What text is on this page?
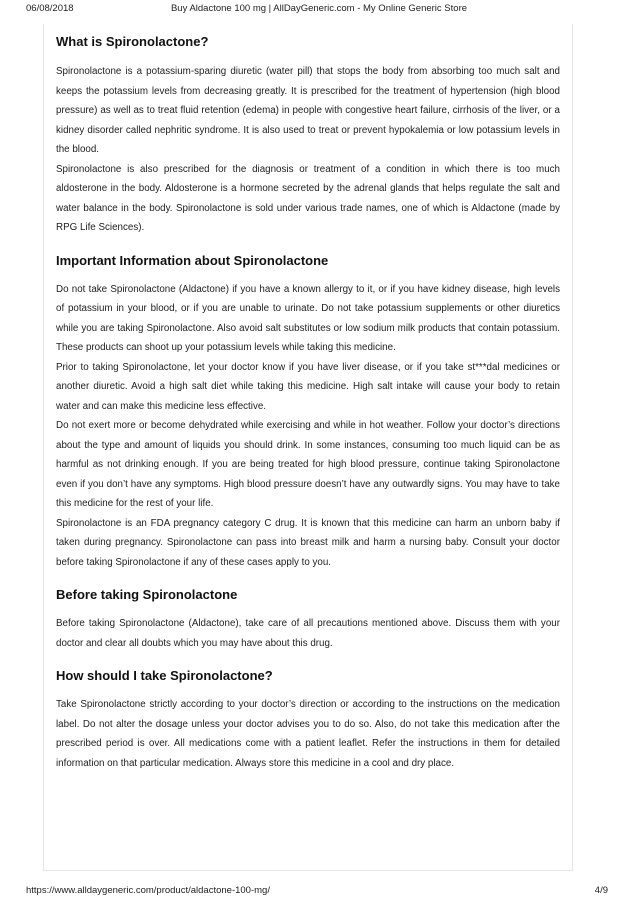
06/08/2018	Buy Aldactone 100 mg | AllDayGeneric.com - My Online Generic Store
What is Spironolactone?

Spironolactone is a potassium-sparing diuretic (water pill) that stops the body from absorbing too much salt and keeps the potassium levels from decreasing greatly. It is prescribed for the treatment of hypertension (high blood pressure) as well as to treat fluid retention (edema) in people with congestive heart failure, cirrhosis of the liver, or a kidney disorder called nephritic syndrome. It is also used to treat or prevent hypokalemia or low potassium levels in the blood.

Spironolactone is also prescribed for the diagnosis or treatment of a condition in which there is too much aldosterone in the body. Aldosterone is a hormone secreted by the adrenal glands that helps regulate the salt and water balance in the body. Spironolactone is sold under various trade names, one of which is Aldactone (made by RPG Life Sciences).

Important Information about Spironolactone

Do not take Spironolactone (Aldactone) if you have a known allergy to it, or if you have kidney disease, high levels of potassium in your blood, or if you are unable to urinate. Do not take potassium supplements or other diuretics while you are taking Spironolactone. Also avoid salt substitutes or low sodium milk products that contain potassium. These products can shoot up your potassium levels while taking this medicine.

Prior to taking Spironolactone, let your doctor know if you have liver disease, or if you take st***dal medicines or another diuretic. Avoid a high salt diet while taking this medicine. High salt intake will cause your body to retain water and can make this medicine less effective.

Do not exert more or become dehydrated while exercising and while in hot weather. Follow your doctor’s directions about the type and amount of liquids you should drink. In some instances, consuming too much liquid can be as harmful as not drinking enough. If you are being treated for high blood pressure, continue taking Spironolactone even if you don’t have any symptoms. High blood pressure doesn’t have any outwardly signs. You may have to take this medicine for the rest of your life.

Spironolactone is an FDA pregnancy category C drug. It is known that this medicine can harm an unborn baby if taken during pregnancy. Spironolactone can pass into breast milk and harm a nursing baby. Consult your doctor before taking Spironolactone if any of these cases apply to you.

Before taking Spironolactone

Before taking Spironolactone (Aldactone), take care of all precautions mentioned above. Discuss them with your doctor and clear all doubts which you may have about this drug.

How should I take Spironolactone?

Take Spironolactone strictly according to your doctor’s direction or according to the instructions on the medication label. Do not alter the dosage unless your doctor advises you to do so. Also, do not take this medication after the prescribed period is over. All medications come with a patient leaflet. Refer the instructions in them for detailed information on that particular medication. Always store this medicine in a cool and dry place.

https://www.alldaygeneric.com/product/aldactone-100-mg/	4/9
